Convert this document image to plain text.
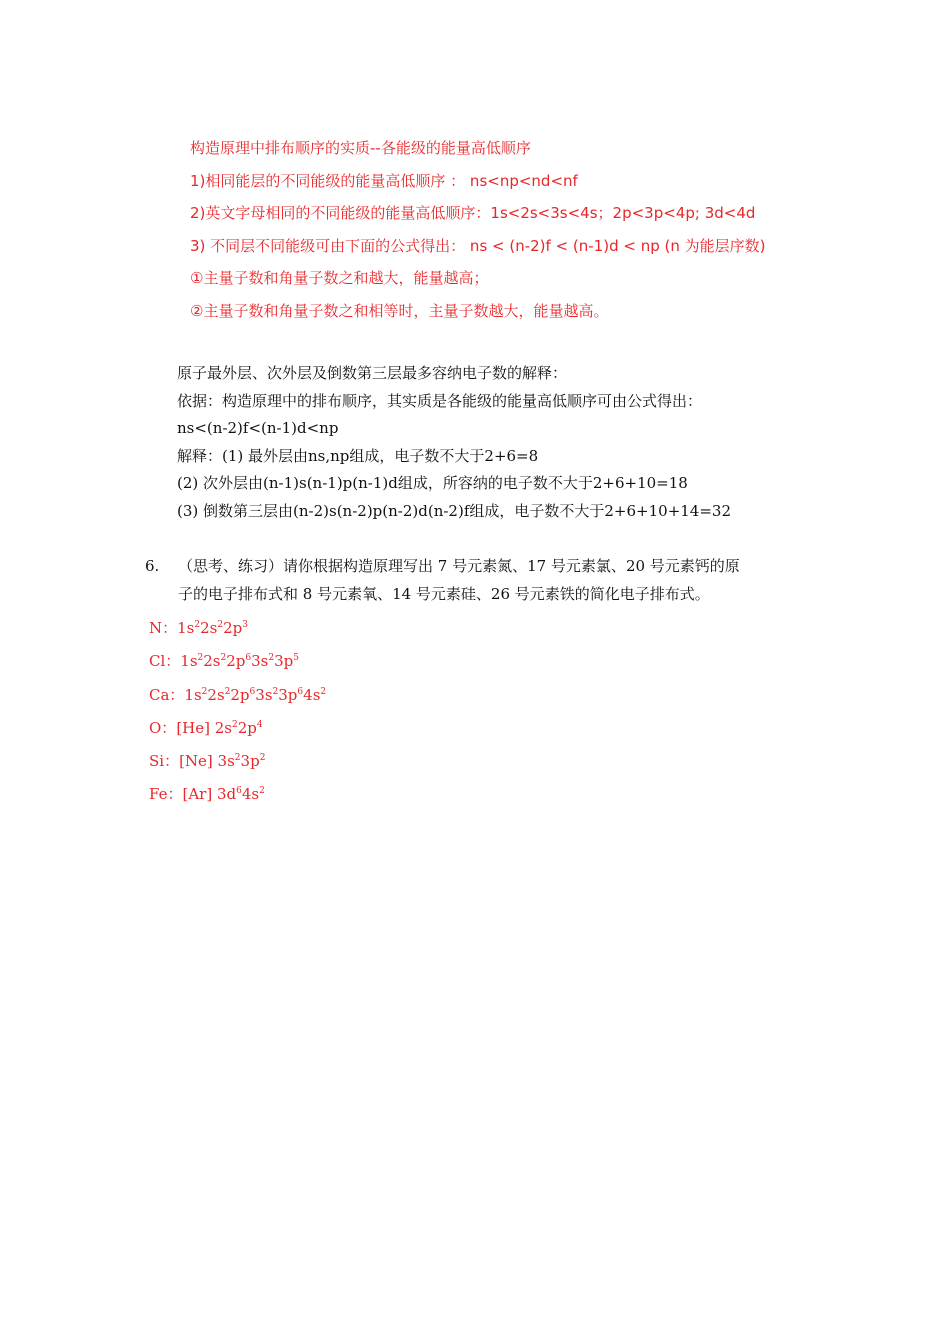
构造原理中排布顺序的实质--各能级的能量高低顺序
1)相同能层的不同能级的能量高低顺序 ： ns<np<nd<nf
2)英文字母相同的不同能级的能量高低顺序：1s<2s<3s<4s；2p<3p<4p; 3d<4d
3) 不同层不同能级可由下面的公式得出： ns < (n-2)f < (n-1)d < np (n 为能层序数)
①主量子数和角量子数之和越大，能量越高；
②主量子数和角量子数之和相等时，主量子数越大，能量越高。
原子最外层、次外层及倒数第三层最多容纳电子数的解释：
依据：构造原理中的排布顺序，其实质是各能级的能量高低顺序可由公式得出：
ns<(n-2)f<(n-1)d<np
解释：(1) 最外层由ns,np组成，电子数不大于2+6=8
(2) 次外层由(n-1)s(n-1)p(n-1)d组成，所容纳的电子数不大于2+6+10=18
(3) 倒数第三层由(n-2)s(n-2)p(n-2)d(n-2)f组成，电子数不大于2+6+10+14=32
6. （思考、练习）请你根据构造原理写出 7 号元素氮、17 号元素氯、20 号元素钙的原
子的电子排布式和 8 号元素氧、14 号元素硅、26 号元素铁的简化电子排布式。
N：$1s^22s^22p^3$
Cl：$1s^22s^22p^63s^23p^5$
Ca：$1s^22s^22p^63s^23p^64s^2$
O：[He] $2s^22p^4$
Si：[Ne] $3s^23p^2$
Fe：[Ar] $3d^64s^2$
